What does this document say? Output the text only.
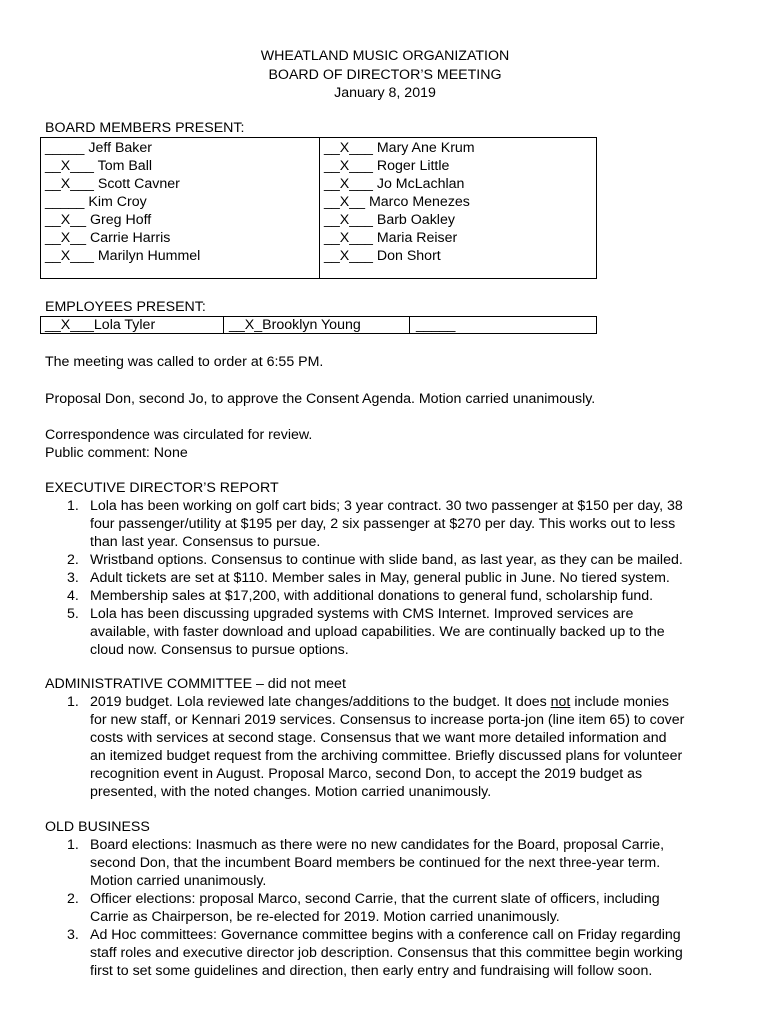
WHEATLAND MUSIC ORGANIZATION
BOARD OF DIRECTOR’S MEETING
January 8, 2019
BOARD MEMBERS PRESENT:
_____ Jeff Baker
__X___ Tom Ball
__X___ Scott Cavner
_____ Kim Croy
__X__ Greg Hoff
__X__ Carrie Harris
__X___ Marilyn Hummel
__X___ Mary Ane Krum
__X___ Roger Little
__X___ Jo McLachlan
__X__ Marco Menezes
__X___ Barb Oakley
__X___ Maria Reiser
__X___ Don Short
EMPLOYEES PRESENT:
__X___Lola Tyler	__X_Brooklyn Young	_____
The meeting was called to order at 6:55 PM.
Proposal Don, second Jo, to approve the Consent Agenda. Motion carried unanimously.
Correspondence was circulated for review.
Public comment: None
EXECUTIVE DIRECTOR’S REPORT
1. Lola has been working on golf cart bids; 3 year contract. 30 two passenger at $150 per day, 38
four passenger/utility at $195 per day, 2 six passenger at $270 per day. This works out to less
than last year. Consensus to pursue.
2. Wristband options. Consensus to continue with slide band, as last year, as they can be mailed.
3. Adult tickets are set at $110. Member sales in May, general public in June. No tiered system.
4. Membership sales at $17,200, with additional donations to general fund, scholarship fund.
5. Lola has been discussing upgraded systems with CMS Internet. Improved services are
available, with faster download and upload capabilities. We are continually backed up to the
cloud now. Consensus to pursue options.
ADMINISTRATIVE COMMITTEE – did not meet
1. 2019 budget. Lola reviewed late changes/additions to the budget. It does not include monies
for new staff, or Kennari 2019 services. Consensus to increase porta-jon (line item 65) to cover
costs with services at second stage. Consensus that we want more detailed information and
an itemized budget request from the archiving committee. Briefly discussed plans for volunteer
recognition event in August. Proposal Marco, second Don, to accept the 2019 budget as
presented, with the noted changes. Motion carried unanimously.
OLD BUSINESS
1. Board elections: Inasmuch as there were no new candidates for the Board, proposal Carrie,
second Don, that the incumbent Board members be continued for the next three-year term.
Motion carried unanimously.
2. Officer elections: proposal Marco, second Carrie, that the current slate of officers, including
Carrie as Chairperson, be re-elected for 2019. Motion carried unanimously.
3. Ad Hoc committees: Governance committee begins with a conference call on Friday regarding
staff roles and executive director job description. Consensus that this committee begin working
first to set some guidelines and direction, then early entry and fundraising will follow soon.
